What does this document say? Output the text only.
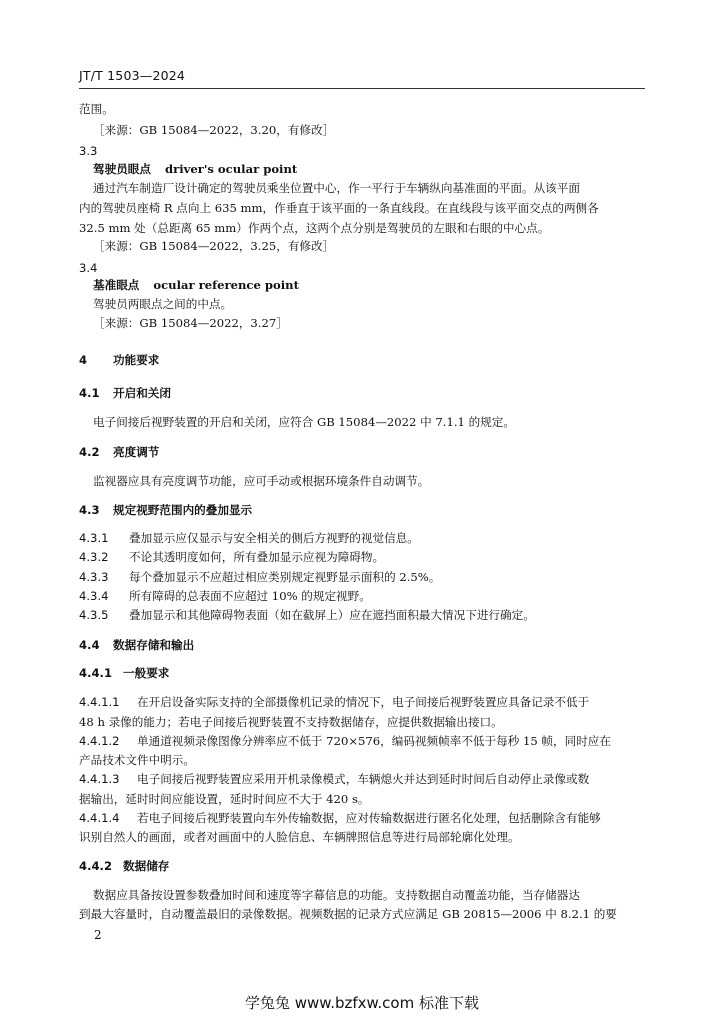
JT/T 1503—2024
范围。
［来源：GB 15084—2022，3.20，有修改］
3.3
驾驶员眼点 driver's ocular point
通过汽车制造厂设计确定的驾驶员乘坐位置中心，作一平行于车辆纵向基准面的平面。从该平面
内的驾驶员座椅 R 点向上 635 mm，作垂直于该平面的一条直线段。在直线段与该平面交点的两侧各
32.5 mm 处（总距离 65 mm）作两个点，这两个点分别是驾驶员的左眼和右眼的中心点。
［来源：GB 15084—2022，3.25，有修改］
3.4
基准眼点 ocular reference point
驾驶员两眼点之间的中点。
［来源：GB 15084—2022，3.27］
4 功能要求
4.1 开启和关闭
电子间接后视野装置的开启和关闭，应符合 GB 15084—2022 中 7.1.1 的规定。
4.2 亮度调节
监视器应具有亮度调节功能，应可手动或根据环境条件自动调节。
4.3 规定视野范围内的叠加显示
4.3.1 叠加显示应仅显示与安全相关的侧后方视野的视觉信息。
4.3.2 不论其透明度如何，所有叠加显示应视为障碍物。
4.3.3 每个叠加显示不应超过相应类别规定视野显示面积的 2.5%。
4.3.4 所有障碍的总表面不应超过 10% 的规定视野。
4.3.5 叠加显示和其他障碍物表面（如在截屏上）应在遮挡面积最大情况下进行确定。
4.4 数据存储和输出
4.4.1 一般要求
4.4.1.1 在开启设备实际支持的全部摄像机记录的情况下，电子间接后视野装置应具备记录不低于
48 h 录像的能力；若电子间接后视野装置不支持数据储存，应提供数据输出接口。
4.4.1.2 单通道视频录像图像分辨率应不低于 720×576，编码视频帧率不低于每秒 15 帧，同时应在
产品技术文件中明示。
4.4.1.3 电子间接后视野装置应采用开机录像模式，车辆熄火并达到延时时间后自动停止录像或数
据输出，延时时间应能设置，延时时间应不大于 420 s。
4.4.1.4 若电子间接后视野装置向车外传输数据，应对传输数据进行匿名化处理，包括删除含有能够
识别自然人的画面，或者对画面中的人脸信息、车辆牌照信息等进行局部轮廓化处理。
4.4.2 数据储存
数据应具备按设置参数叠加时间和速度等字幕信息的功能。支持数据自动覆盖功能，当存储器达
到最大容量时，自动覆盖最旧的录像数据。视频数据的记录方式应满足 GB 20815—2006 中 8.2.1 的要
2
学兔兔 www.bzfxw.com 标准下载
